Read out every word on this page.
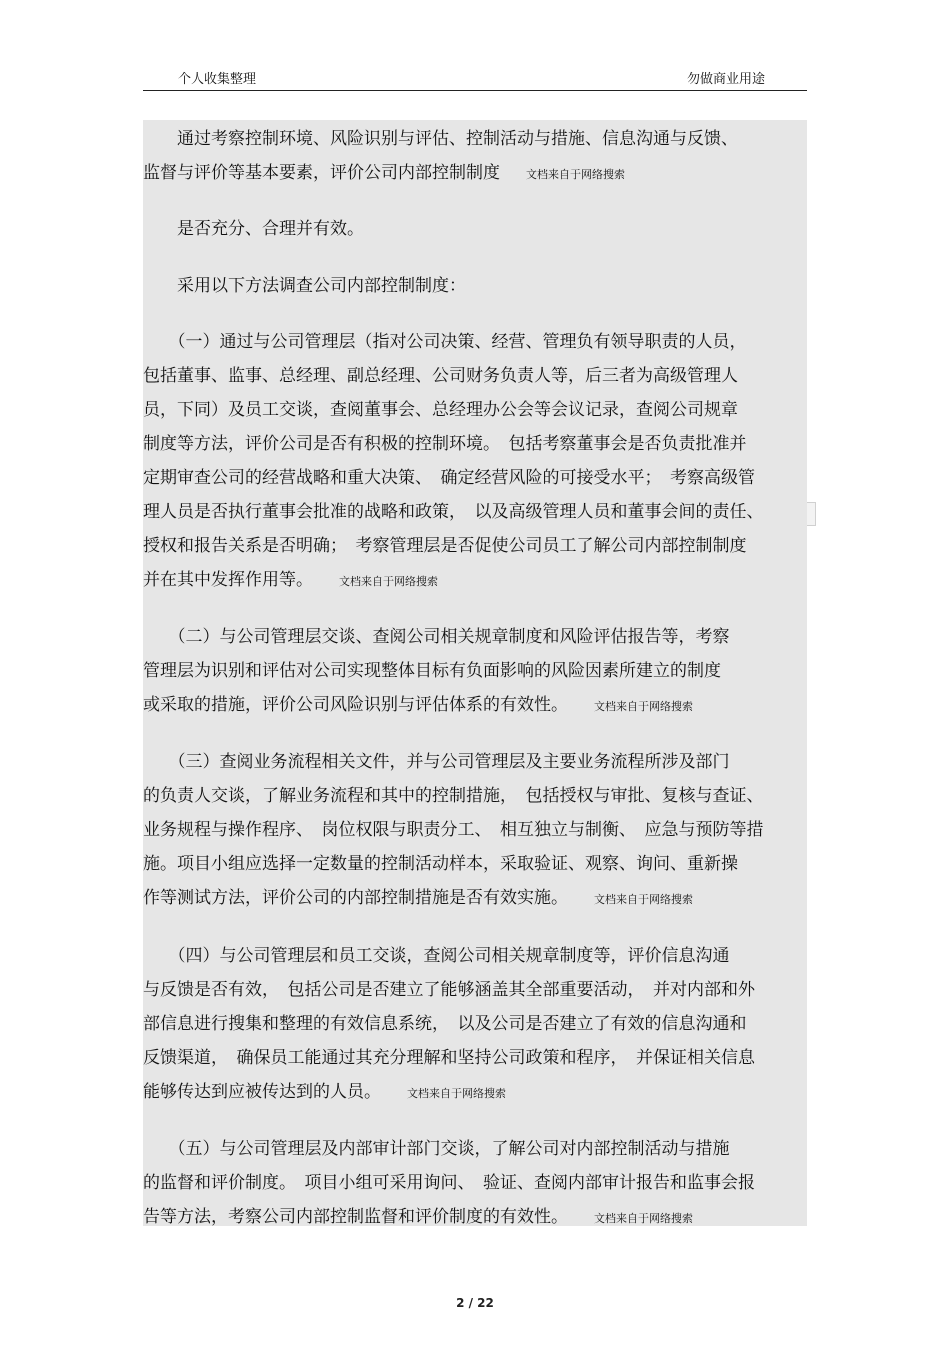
个人收集整理	勿做商业用途
　　通过考察控制环境、风险识别与评估、控制活动与措施、信息沟通与反馈、
监督与评价等基本要素，评价公司内部控制制度 文档来自于网络搜索
　　是否充分、合理并有效。
　　采用以下方法调查公司内部控制制度：
　　（一）通过与公司管理层（指对公司决策、经营、管理负有领导职责的人员，
包括董事、监事、总经理、副总经理、公司财务负责人等，后三者为高级管理人
员，下同）及员工交谈，查阅董事会、总经理办公会等会议记录，查阅公司规章
制度等方法，评价公司是否有积极的控制环境。　包括考察董事会是否负责批准并
定期审查公司的经营战略和重大决策、　确定经营风险的可接受水平；　考察高级管
理人员是否执行董事会批准的战略和政策，　以及高级管理人员和董事会间的责任、
授权和报告关系是否明确；　考察管理层是否促使公司员工了解公司内部控制制度
并在其中发挥作用等。 文档来自于网络搜索
　　（二）与公司管理层交谈、查阅公司相关规章制度和风险评估报告等，考察
管理层为识别和评估对公司实现整体目标有负面影响的风险因素所建立的制度
或采取的措施，评价公司风险识别与评估体系的有效性。 文档来自于网络搜索
　　（三）查阅业务流程相关文件，并与公司管理层及主要业务流程所涉及部门
的负责人交谈，了解业务流程和其中的控制措施，　包括授权与审批、复核与查证、
业务规程与操作程序、　岗位权限与职责分工、　相互独立与制衡、　应急与预防等措
施。项目小组应选择一定数量的控制活动样本，采取验证、观察、询问、重新操
作等测试方法，评价公司的内部控制措施是否有效实施。 文档来自于网络搜索
　　（四）与公司管理层和员工交谈，查阅公司相关规章制度等，评价信息沟通
与反馈是否有效，　包括公司是否建立了能够涵盖其全部重要活动，　并对内部和外
部信息进行搜集和整理的有效信息系统，　以及公司是否建立了有效的信息沟通和
反馈渠道，　确保员工能通过其充分理解和坚持公司政策和程序，　并保证相关信息
能够传达到应被传达到的人员。 文档来自于网络搜索
　　（五）与公司管理层及内部审计部门交谈，了解公司对内部控制活动与措施
的监督和评价制度。　项目小组可采用询问、　验证、查阅内部审计报告和监事会报
告等方法，考察公司内部控制监督和评价制度的有效性。 文档来自于网络搜索
2 / 22
